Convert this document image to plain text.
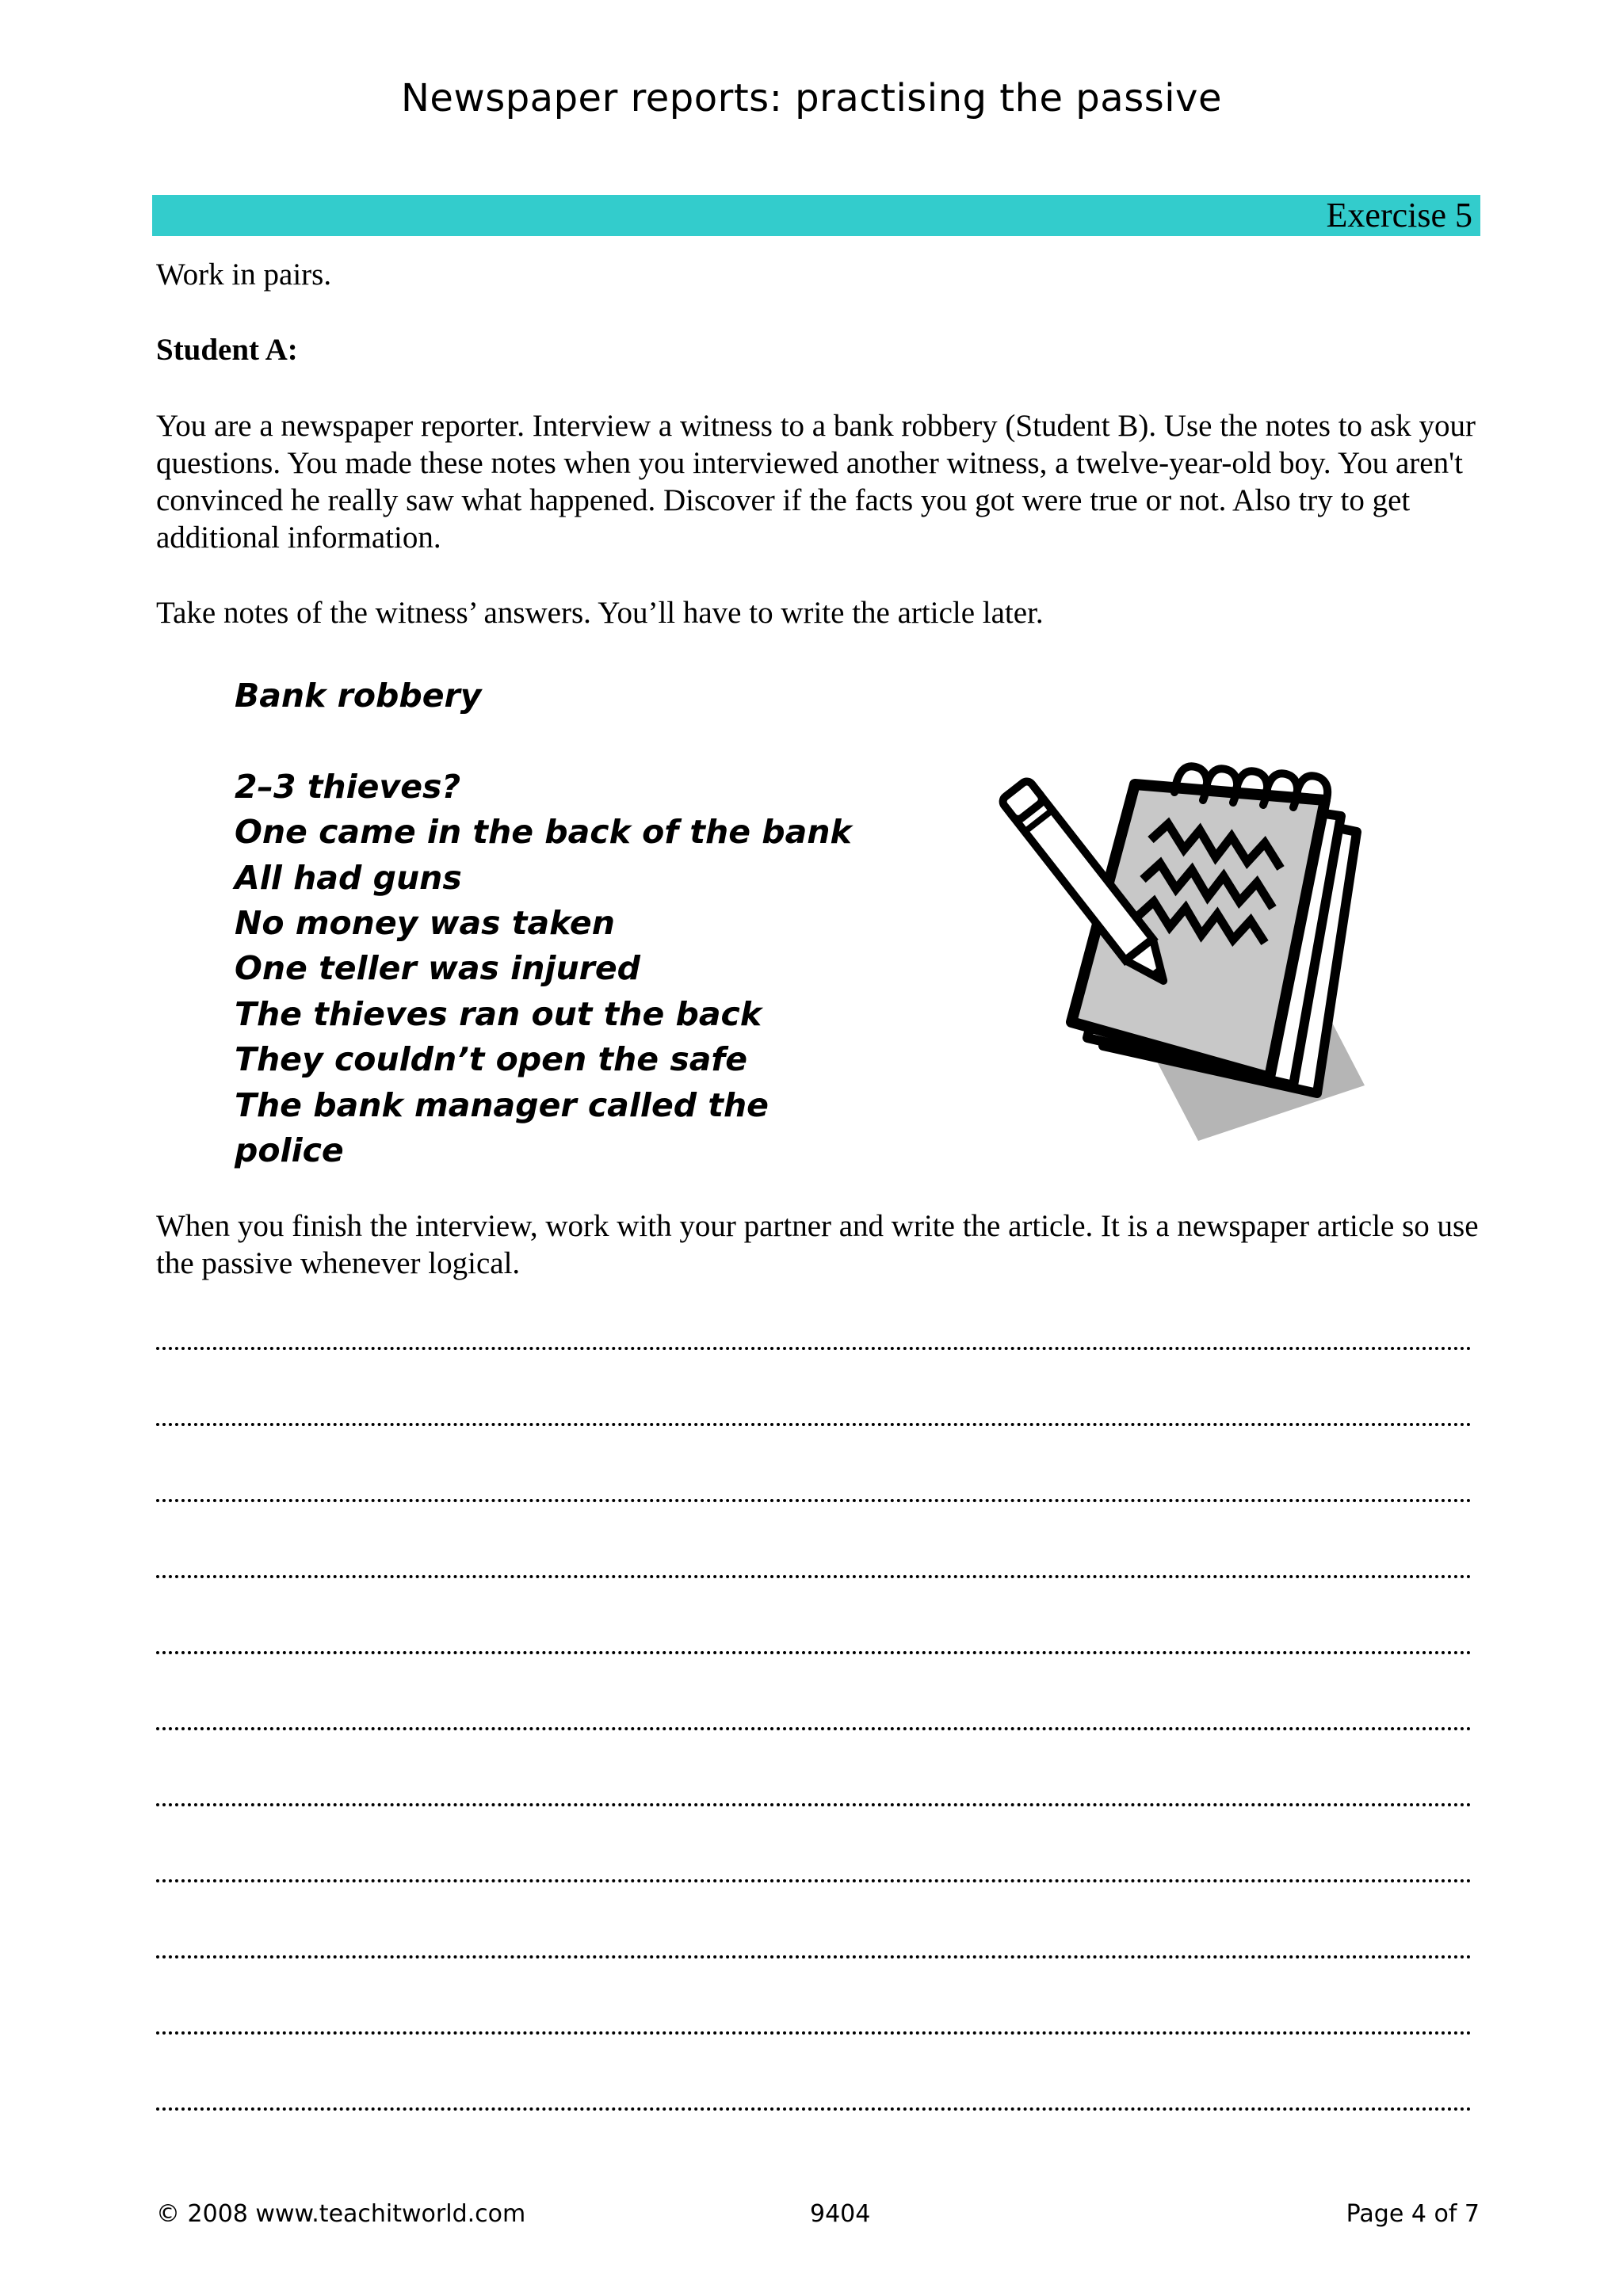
Newspaper reports: practising the passive
Exercise 5

Work in pairs.

Student A:

You are a newspaper reporter. Interview a witness to a bank robbery (Student B). Use the notes to ask your questions. You made these notes when you interviewed another witness, a twelve-year-old boy. You aren't convinced he really saw what happened. Discover if the facts you got were true or not. Also try to get additional information.

Take notes of the witness’ answers. You’ll have to write the article later.

Bank robbery
2–3 thieves?
One came in the back of the bank
All had guns
No money was taken
One teller was injured
The thieves ran out the back
They couldn’t open the safe
The bank manager called the police

When you finish the interview, work with your partner and write the article. It is a newspaper article so use the passive whenever logical.

© 2008 www.teachitworld.com	9404	Page 4 of 7
